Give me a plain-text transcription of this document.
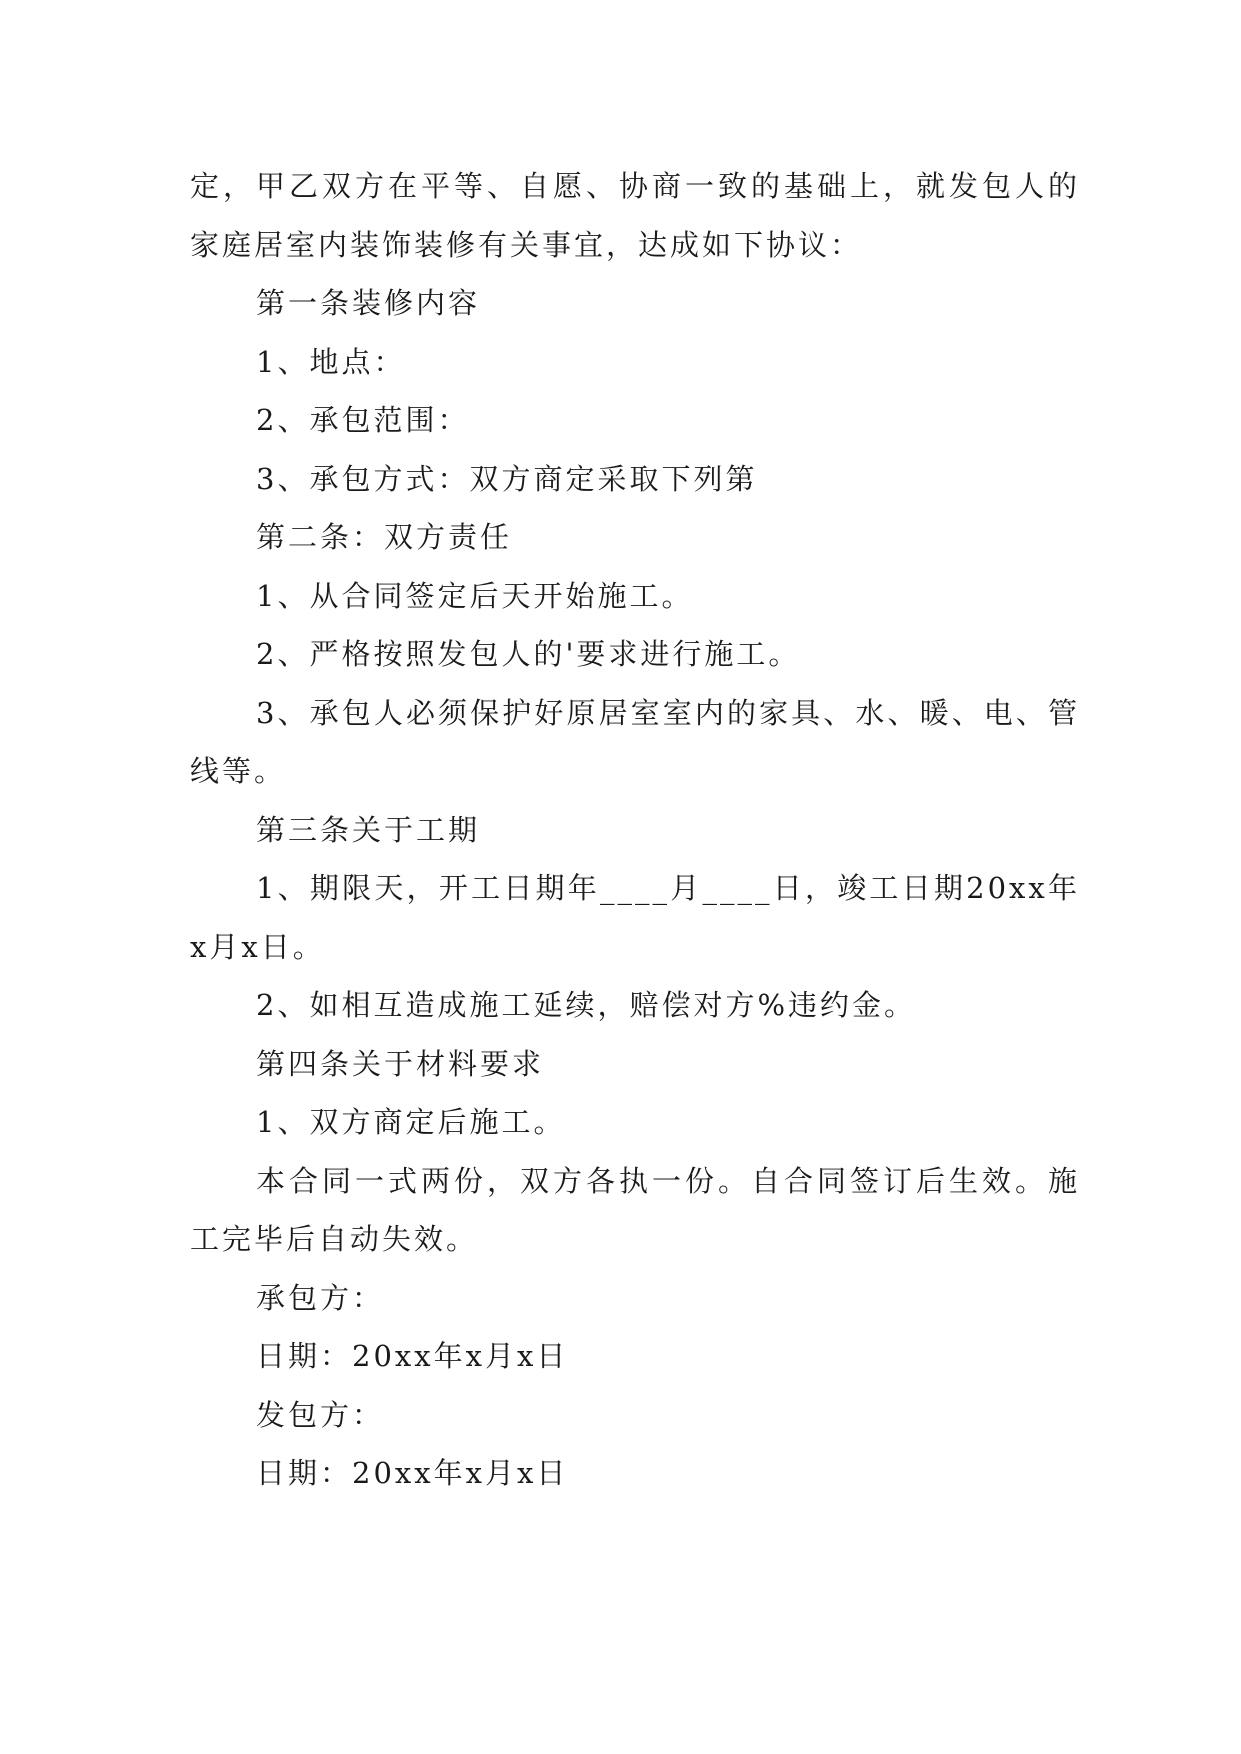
定，甲乙双方在平等、自愿、协商一致的基础上，就发包人的家庭居室内装饰装修有关事宜，达成如下协议：

第一条装修内容

1、地点：

2、承包范围：

3、承包方式：双方商定采取下列第

第二条：双方责任

1、从合同签定后天开始施工。

2、严格按照发包人的'要求进行施工。

3、承包人必须保护好原居室室内的家具、水、暖、电、管线等。

第三条关于工期

1、期限天，开工日期年____月____日，竣工日期20xx年x月x日。

2、如相互造成施工延续，赔偿对方%违约金。

第四条关于材料要求

1、双方商定后施工。

本合同一式两份，双方各执一份。自合同签订后生效。施工完毕后自动失效。

承包方：

日期：20xx年x月x日

发包方：

日期：20xx年x月x日
